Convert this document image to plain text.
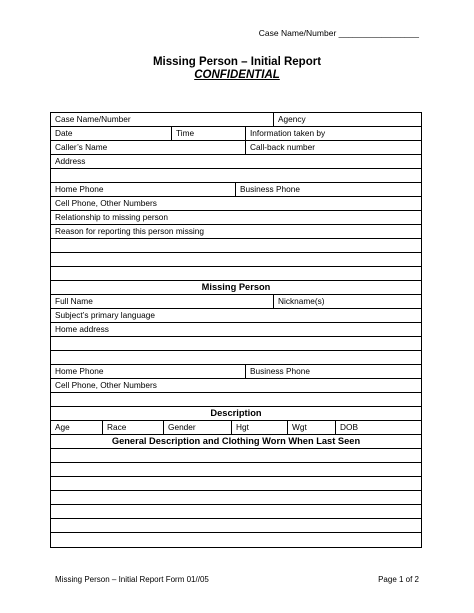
Case Name/Number _________________
Missing Person – Initial Report
CONFIDENTIAL
Case Name/Number	Agency
Date	Time	Information taken by
Caller’s Name	Call-back number
Address
Home Phone	Business Phone
Cell Phone, Other Numbers
Relationship to missing person
Reason for reporting this person missing
Missing Person
Full Name	Nickname(s)
Subject’s primary language
Home address
Home Phone	Business Phone
Cell Phone, Other Numbers
Description
Age	Race	Gender	Hgt	Wgt	DOB
General Description and Clothing Worn When Last Seen
Missing Person – Initial Report Form 01//05	Page 1 of 2
